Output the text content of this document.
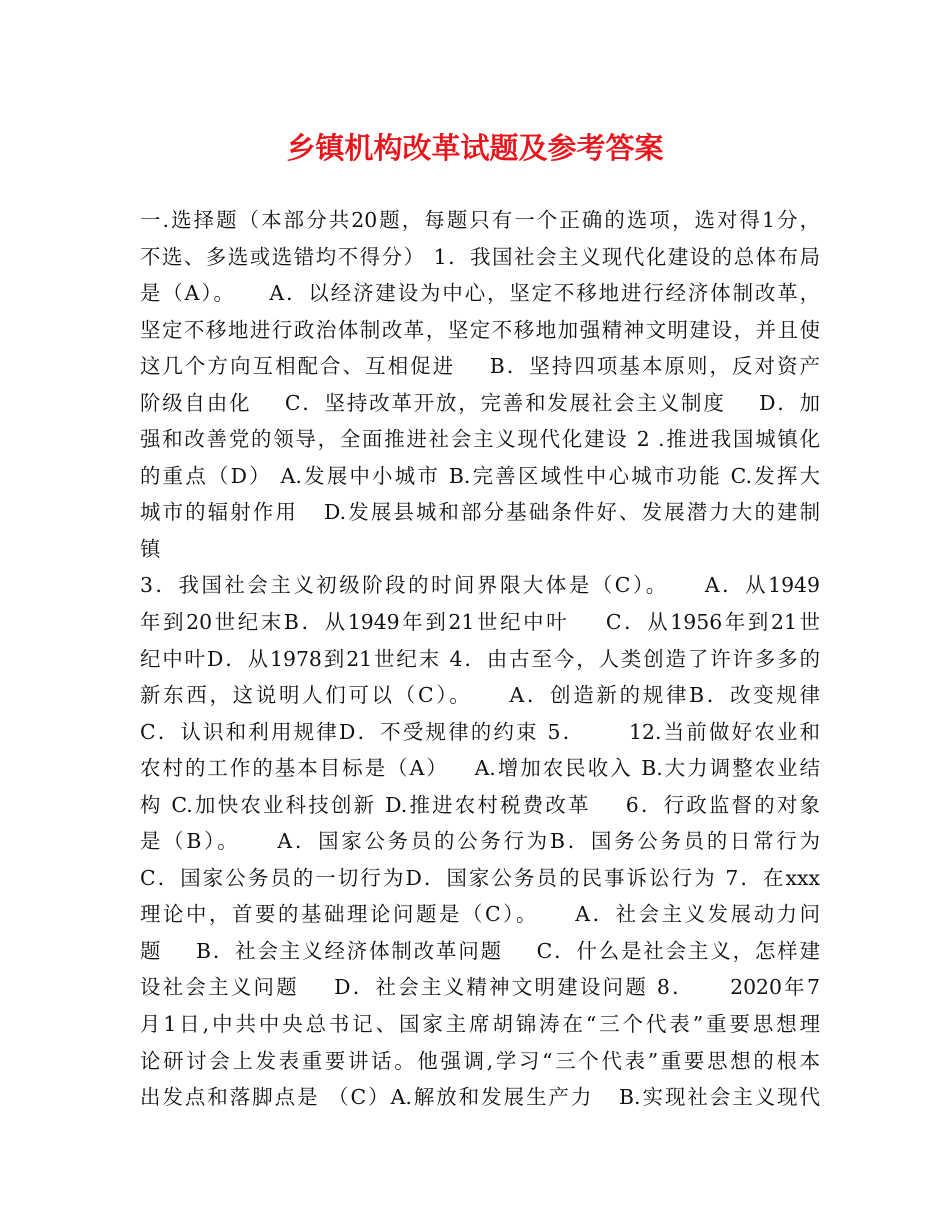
乡镇机构改革试题及参考答案
一.选择题（本部分共20题，每题只有一个正确的选项，选对得1分，
不选、多选或选错均不得分） 1．我国社会主义现代化建设的总体布局
是（A）。    A．以经济建设为中心，坚定不移地进行经济体制改革，
坚定不移地进行政治体制改革，坚定不移地加强精神文明建设，并且使
这几个方向互相配合、互相促进    B．坚持四项基本原则，反对资产
阶级自由化    C．坚持改革开放，完善和发展社会主义制度    D．加
强和改善党的领导，全面推进社会主义现代化建设 2 .推进我国城镇化
的重点（D） A.发展中小城市 B.完善区域性中心城市功能 C.发挥大
城市的辐射作用   D.发展县城和部分基础条件好、发展潜力大的建制
镇
3．我国社会主义初级阶段的时间界限大体是（C）。    A．从1949
年到20世纪末B．从1949年到21世纪中叶    C．从1956年到21世
纪中叶D．从1978到21世纪末 4．由古至今，人类创造了许许多多的
新东西，这说明人们可以（C）。    A．创造新的规律B．改变规律
C．认识和利用规律D．不受规律的约束 5．     12.当前做好农业和
农村的工作的基本目标是（A）   A.增加农民收入 B.大力调整农业结
构 C.加快农业科技创新 D.推进农村税费改革    6．行政监督的对象
是（B）。    A．国家公务员的公务行为B．国务公务员的日常行为
C．国家公务员的一切行为D．国家公务员的民事诉讼行为 7．在xxx
理论中，首要的基础理论问题是（C）。    A．社会主义发展动力问
题    B．社会主义经济体制改革问题    C．什么是社会主义，怎样建
设社会主义问题    D．社会主义精神文明建设问题 8．    2020年7
月1日,中共中央总书记、国家主席胡锦涛在“三个代表”重要思想理
论研讨会上发表重要讲话。他强调,学习“三个代表”重要思想的根本
出发点和落脚点是 （C）A.解放和发展生产力   B.实现社会主义现代
